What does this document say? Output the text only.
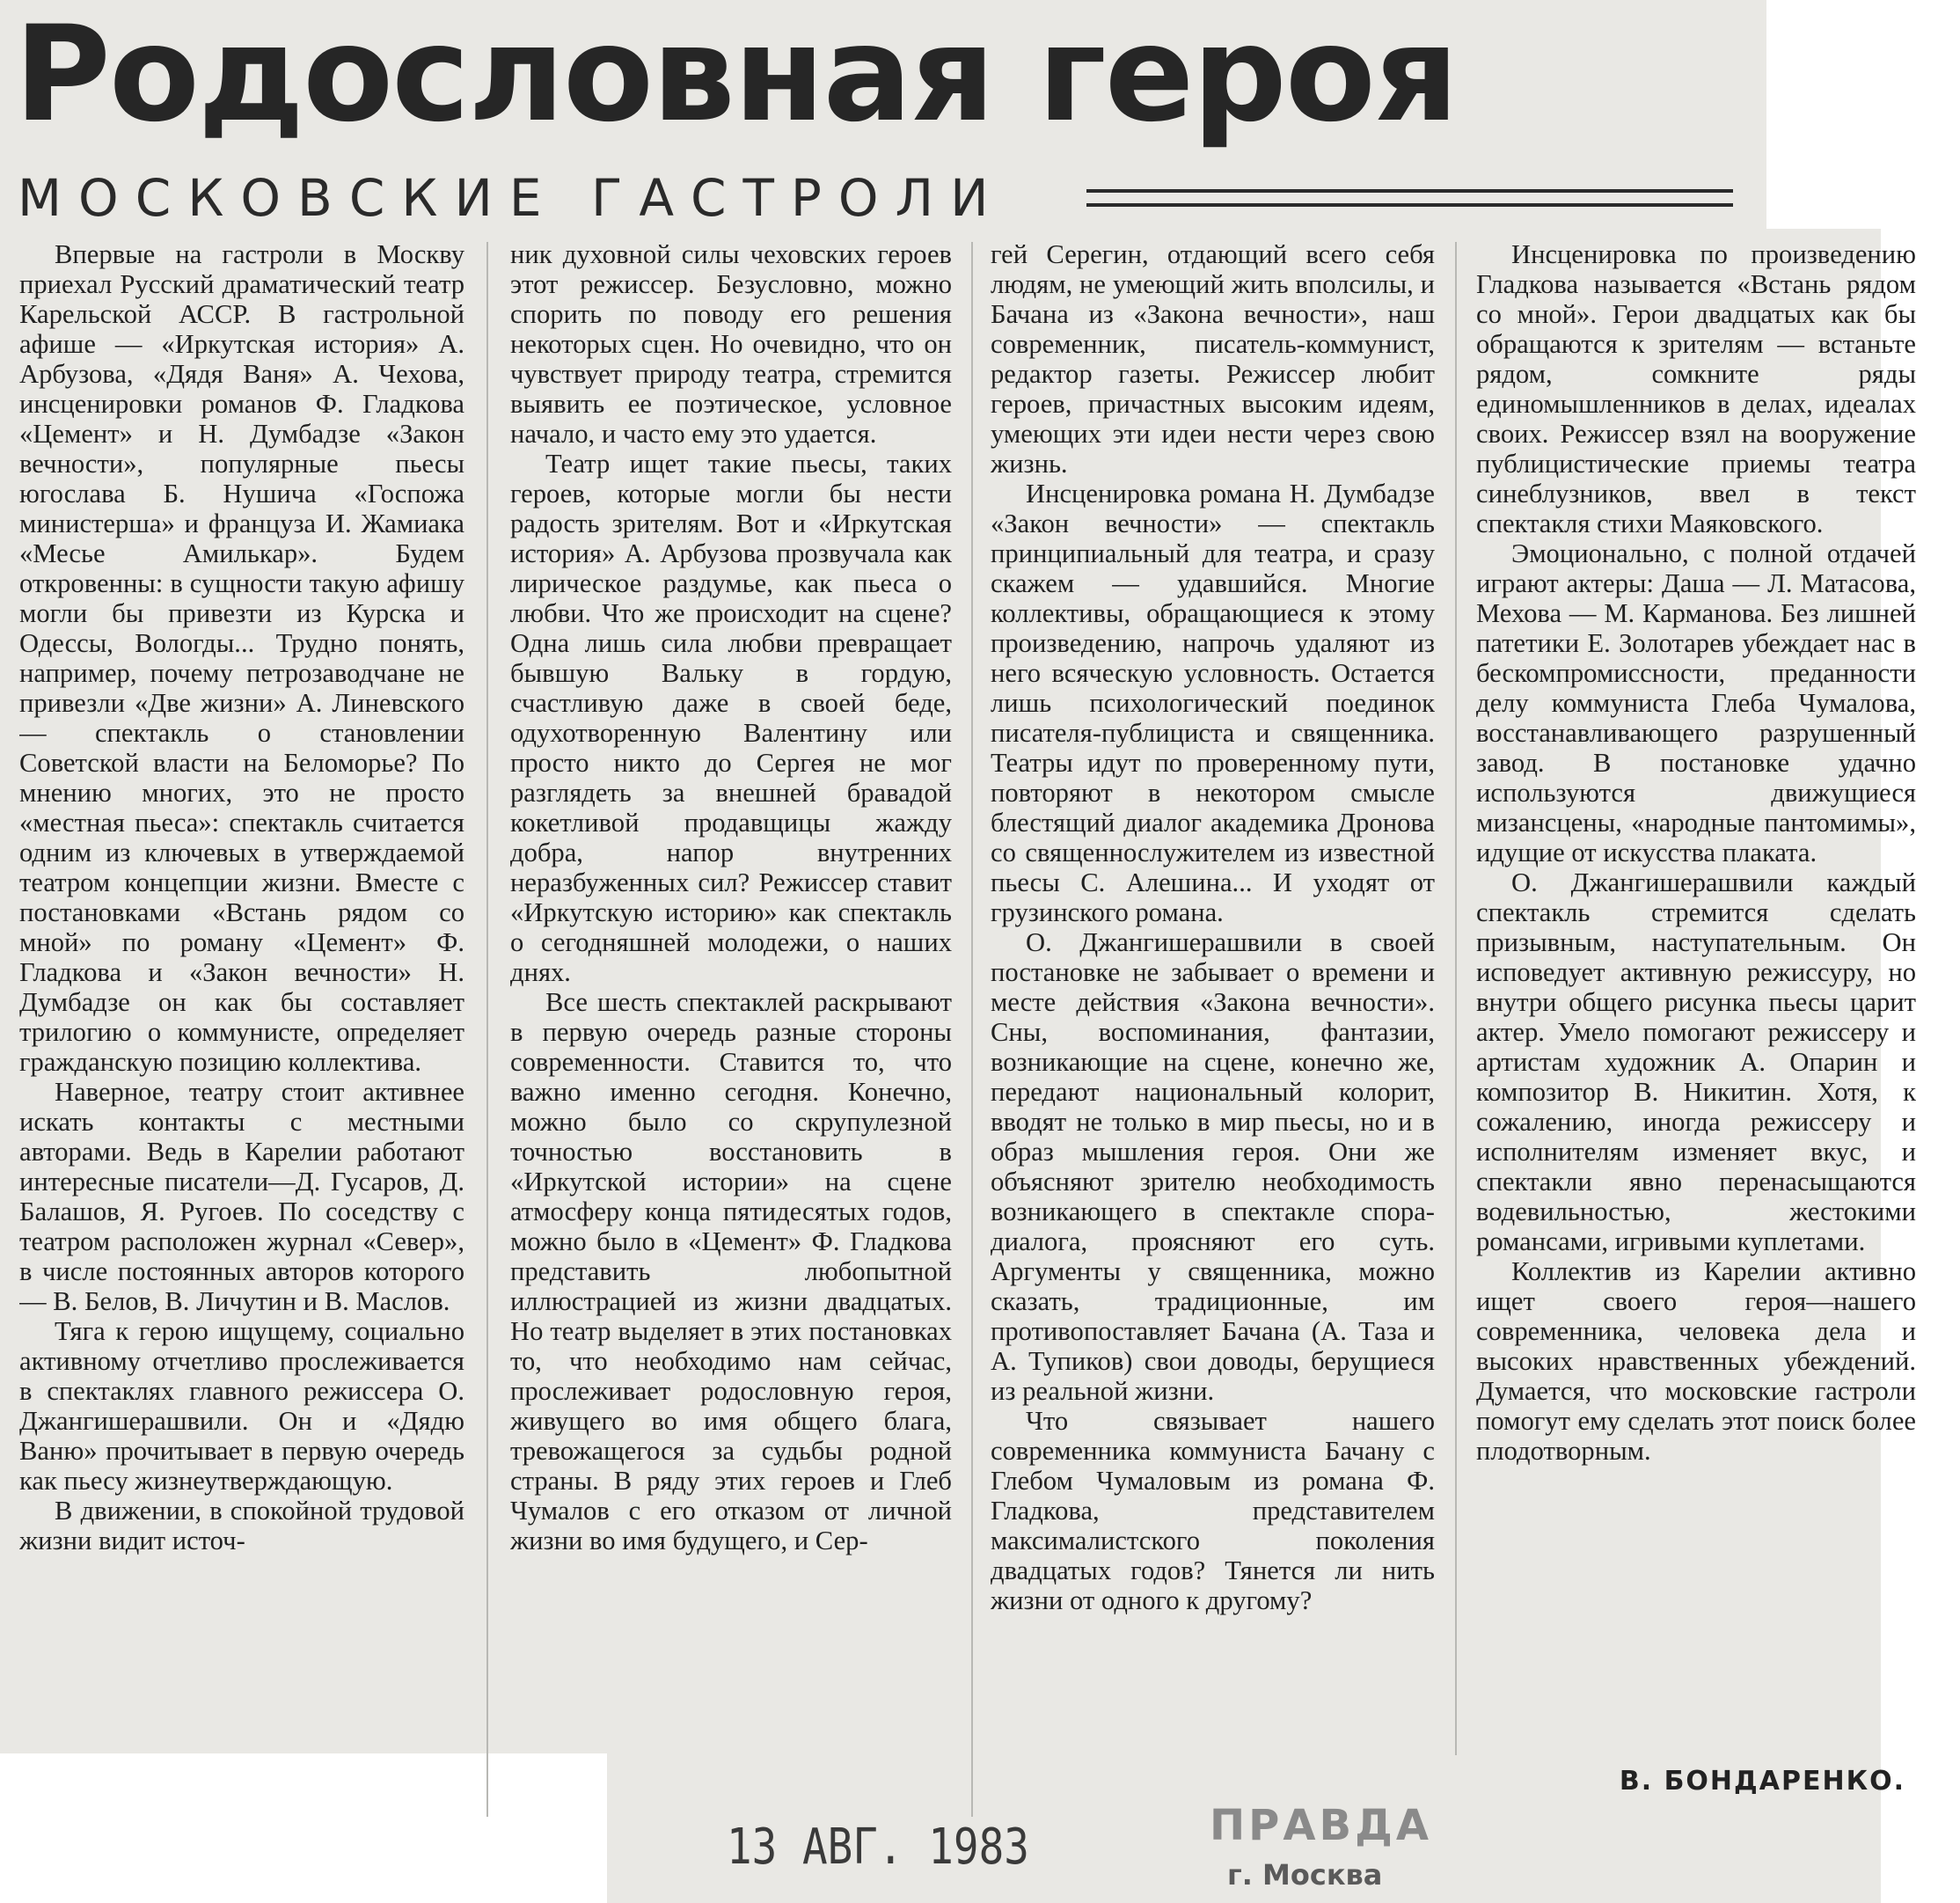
Родословная героя
МОСКОВСКИЕ ГАСТРОЛИ

Впервые на гастроли в Москву приехал Русский драматический театр Карельской АССР. В гастрольной афише — «Иркутская история» А. Арбузова, «Дядя Ваня» А. Чехова, инсценировки романов Ф. Гладкова «Цемент» и Н. Думбадзе «Закон вечности», популярные пьесы югослава Б. Нушича «Госпожа министерша» и француза И. Жамиака «Месье Амилькар». Будем откровенны: в сущности такую афишу могли бы привезти из Курска и Одессы, Вологды... Трудно понять, например, почему петрозаводчане не привезли «Две жизни» А. Линевского — спектакль о становлении Советской власти на Беломорье? По мнению многих, это не просто «местная пьеса»: спектакль считается одним из ключевых в утверждаемой театром концепции жизни. Вместе с постановками «Встань рядом со мной» по роману «Цемент» Ф. Гладкова и «Закон вечности» Н. Думбадзе он как бы составляет трилогию о коммунисте, определяет гражданскую позицию коллектива.

Наверное, театру стоит активнее искать контакты с местными авторами. Ведь в Карелии работают интересные писатели—Д. Гусаров, Д. Балашов, Я. Ругоев. По соседству с театром расположен журнал «Север», в числе постоянных авторов которого — В. Белов, В. Личутин и В. Маслов.

Тяга к герою ищущему, социально активному отчетливо прослеживается в спектаклях главного режиссера О. Джангишерашвили. Он и «Дядю Ваню» прочитывает в первую очередь как пьесу жизнеутверждающую.

В движении, в спокойной трудовой жизни видит источ-

ник духовной силы чеховских героев этот режиссер. Безусловно, можно спорить по поводу его решения некоторых сцен. Но очевидно, что он чувствует природу театра, стремится выявить ее поэтическое, условное начало, и часто ему это удается.

Театр ищет такие пьесы, таких героев, которые могли бы нести радость зрителям. Вот и «Иркутская история» А. Арбузова прозвучала как лирическое раздумье, как пьеса о любви. Что же происходит на сцене? Одна лишь сила любви превращает бывшую Вальку в гордую, счастливую даже в своей беде, одухотворенную Валентину или просто никто до Сергея не мог разглядеть за внешней бравадой кокетливой продавщицы жажду добра, напор внутренних неразбуженных сил? Режиссер ставит «Иркутскую историю» как спектакль о сегодняшней молодежи, о наших днях.

Все шесть спектаклей раскрывают в первую очередь разные стороны современности. Ставится то, что важно именно сегодня. Конечно, можно было со скрупулезной точностью восстановить в «Иркутской истории» на сцене атмосферу конца пятидесятых годов, можно было в «Цемент» Ф. Гладкова представить любопытной иллюстрацией из жизни двадцатых. Но театр выделяет в этих постановках то, что необходимо нам сейчас, прослеживает родословную героя, живущего во имя общего блага, тревожащегося за судьбы родной страны. В ряду этих героев и Глеб Чумалов с его отказом от личной жизни во имя будущего, и Сер-

гей Серегин, отдающий всего себя людям, не умеющий жить вполсилы, и Бачана из «Закона вечности», наш современник, писатель-коммунист, редактор газеты. Режиссер любит героев, причастных высоким идеям, умеющих эти идеи нести через свою жизнь.

Инсценировка романа Н. Думбадзе «Закон вечности» — спектакль принципиальный для театра, и сразу скажем — удавшийся. Многие коллективы, обращающиеся к этому произведению, напрочь удаляют из него всяческую условность. Остается лишь психологический поединок писателя-публициста и священника. Театры идут по проверенному пути, повторяют в некотором смысле блестящий диалог академика Дронова со священнослужителем из известной пьесы С. Алешина... И уходят от грузинского романа.

О. Джангишерашвили в своей постановке не забывает о времени и месте действия «Закона вечности». Сны, воспоминания, фантазии, возникающие на сцене, конечно же, передают национальный колорит, вводят не только в мир пьесы, но и в образ мышления героя. Они же объясняют зрителю необходимость возникающего в спектакле спора-диалога, проясняют его суть. Аргументы у священника, можно сказать, традиционные, им противопоставляет Бачана (А. Таза и А. Тупиков) свои доводы, берущиеся из реальной жизни.

Что связывает нашего современника коммуниста Бачану с Глебом Чумаловым из романа Ф. Гладкова, представителем максималистского поколения двадцатых годов? Тянется ли нить жизни от одного к другому?

Инсценировка по произведению Гладкова называется «Встань рядом со мной». Герои двадцатых как бы обращаются к зрителям — встаньте рядом, сомкните ряды единомышленников в делах, идеалах своих. Режиссер взял на вооружение публицистические приемы театра синеблузников, ввел в текст спектакля стихи Маяковского.

Эмоционально, с полной отдачей играют актеры: Даша — Л. Матасова, Мехова — М. Карманова. Без лишней патетики Е. Золотарев убеждает нас в бескомпромиссности, преданности делу коммуниста Глеба Чумалова, восстанавливающего разрушенный завод. В постановке удачно используются движущиеся мизансцены, «народные пантомимы», идущие от искусства плаката.

О. Джангишерашвили каждый спектакль стремится сделать призывным, наступательным. Он исповедует активную режиссуру, но внутри общего рисунка пьесы царит актер. Умело помогают режиссеру и артистам художник А. Опарин и композитор В. Никитин. Хотя, к сожалению, иногда режиссеру и исполнителям изменяет вкус, и спектакли явно перенасыщаются водевильностью, жестокими романсами, игривыми куплетами.

Коллектив из Карелии активно ищет своего героя—нашего современника, человека дела и высоких нравственных убеждений. Думается, что московские гастроли помогут ему сделать этот поиск более плодотворным.

В. БОНДАРЕНКО.
13 АВГ. 1983	ПРАВДА
г. Москва
